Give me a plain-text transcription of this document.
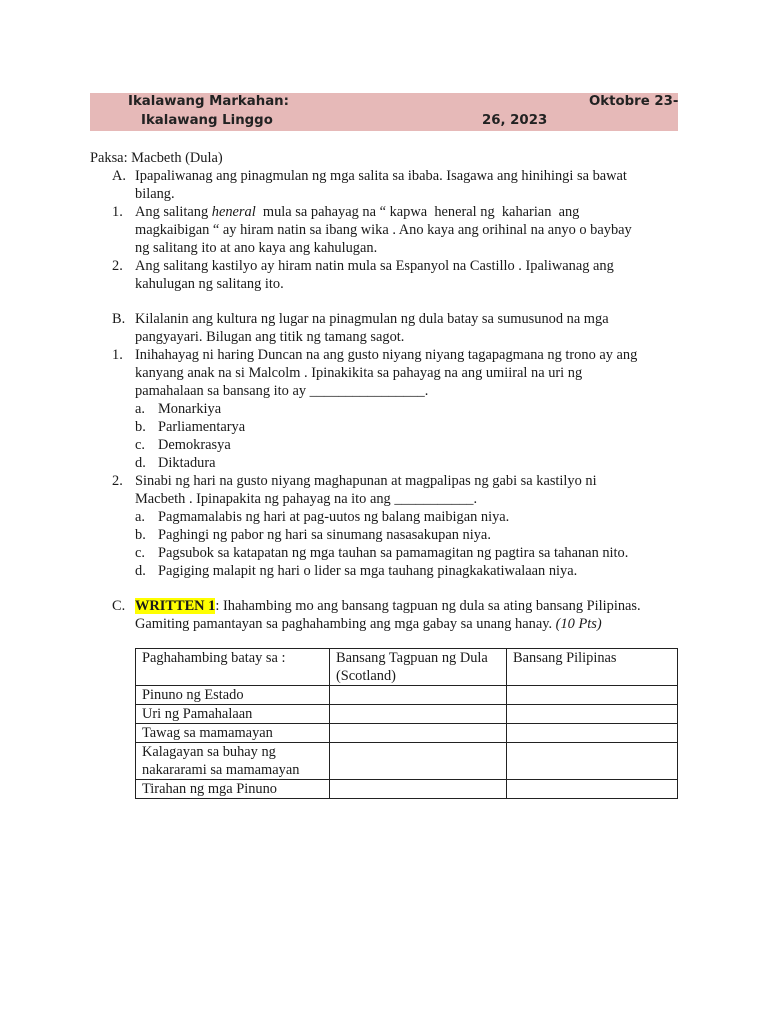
Ikalawang Markahan:
Ikalawang Linggo
Oktobre 23-
26, 2023
Paksa: Macbeth (Dula)
A. Ipapaliwanag ang pinagmulan ng mga salita sa ibaba. Isagawa ang hinihingi sa bawat
bilang.
1. Ang salitang heneral  mula sa pahayag na “ kapwa  heneral ng  kaharian  ang
magkaibigan “ ay hiram natin sa ibang wika . Ano kaya ang orihinal na anyo o baybay
ng salitang ito at ano kaya ang kahulugan.
2. Ang salitang kastilyo ay hiram natin mula sa Espanyol na Castillo . Ipaliwanag ang
kahulugan ng salitang ito.
B. Kilalanin ang kultura ng lugar na pinagmulan ng dula batay sa sumusunod na mga
pangyayari. Bilugan ang titik ng tamang sagot.
1. Inihahayag ni haring Duncan na ang gusto niyang niyang tagapagmana ng trono ay ang
kanyang anak na si Malcolm . Ipinakikita sa pahayag na ang umiiral na uri ng
pamahalaan sa bansang ito ay ________________.
a. Monarkiya
b. Parliamentarya
c. Demokrasya
d. Diktadura
2. Sinabi ng hari na gusto niyang maghapunan at magpalipas ng gabi sa kastilyo ni
Macbeth . Ipinapakita ng pahayag na ito ang ___________.
a. Pagmamalabis ng hari at pag-uutos ng balang maibigan niya.
b. Paghingi ng pabor ng hari sa sinumang nasasakupan niya.
c. Pagsubok sa katapatan ng mga tauhan sa pamamagitan ng pagtira sa tahanan nito.
d. Pagiging malapit ng hari o lider sa mga tauhang pinagkakatiwalaan niya.
C. WRITTEN 1: Ihahambing mo ang bansang tagpuan ng dula sa ating bansang Pilipinas.
Gamiting pamantayan sa paghahambing ang mga gabay sa unang hanay. (10 Pts)
Paghahambing batay sa :	Bansang Tagpuan ng Dula (Scotland)	Bansang Pilipinas
Pinuno ng Estado		
Uri ng Pamahalaan		
Tawag sa mamamayan		
Kalagayan sa buhay ng nakararami sa mamamayan		
Tirahan ng mga Pinuno		
